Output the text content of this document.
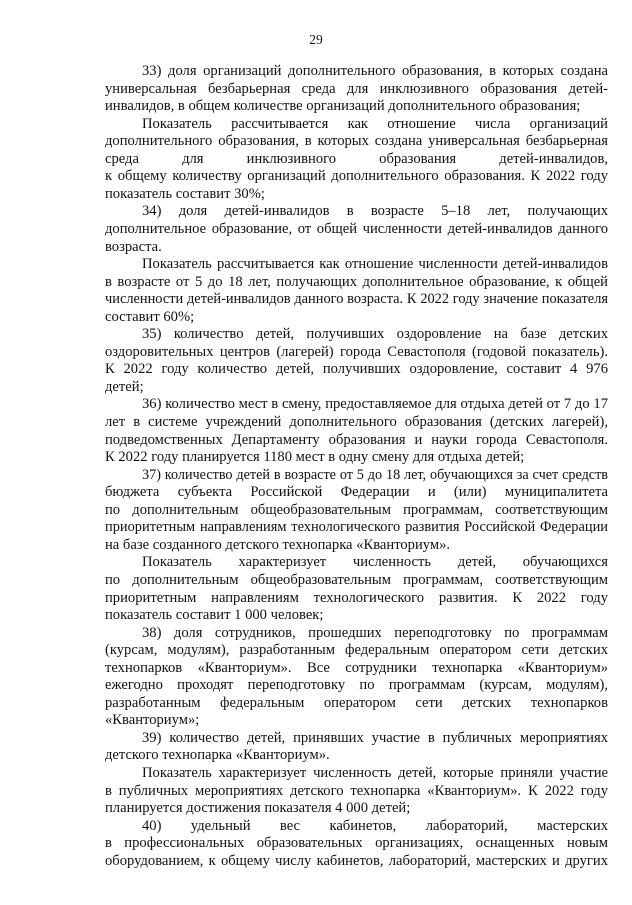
29
33) доля организаций дополнительного образования, в которых создана
универсальная безбарьерная среда для инклюзивного образования детей-
инвалидов, в общем количестве организаций дополнительного образования;
Показатель рассчитывается как отношение числа организаций
дополнительного образования, в которых создана универсальная безбарьерная
среда для инклюзивного образования детей-инвалидов,
к общему количеству организаций дополнительного образования. К 2022 году
показатель составит 30%;
34) доля детей-инвалидов в возрасте 5–18 лет, получающих
дополнительное образование, от общей численности детей-инвалидов данного
возраста.
Показатель рассчитывается как отношение численности детей-инвалидов
в возрасте от 5 до 18 лет, получающих дополнительное образование, к общей
численности детей-инвалидов данного возраста. К 2022 году значение показателя
составит 60%;
35) количество детей, получивших оздоровление на базе детских
оздоровительных центров (лагерей) города Севастополя (годовой показатель).
К 2022 году количество детей, получивших оздоровление, составит 4 976
детей;
36) количество мест в смену, предоставляемое для отдыха детей от 7 до 17
лет в системе учреждений дополнительного образования (детских лагерей),
подведомственных Департаменту образования и науки города Севастополя.
К 2022 году планируется 1180 мест в одну смену для отдыха детей;
37) количество детей в возрасте от 5 до 18 лет, обучающихся за счет средств
бюджета субъекта Российской Федерации и (или) муниципалитета
по дополнительным общеобразовательным программам, соответствующим
приоритетным направлениям технологического развития Российской Федерации
на базе созданного детского технопарка «Кванториум».
Показатель характеризует численность детей, обучающихся
по дополнительным общеобразовательным программам, соответствующим
приоритетным направлениям технологического развития. К 2022 году
показатель составит 1 000 человек;
38) доля сотрудников, прошедших переподготовку по программам
(курсам, модулям), разработанным федеральным оператором сети детских
технопарков «Кванториум». Все сотрудники технопарка «Кванториум»
ежегодно проходят переподготовку по программам (курсам, модулям),
разработанным федеральным оператором сети детских технопарков
«Кванториум»;
39) количество детей, принявших участие в публичных мероприятиях
детского технопарка «Кванториум».
Показатель характеризует численность детей, которые приняли участие
в публичных мероприятиях детского технопарка «Кванториум». К 2022 году
планируется достижения показателя 4 000 детей;
40) удельный вес кабинетов, лабораторий, мастерских
в профессиональных образовательных организациях, оснащенных новым
оборудованием, к общему числу кабинетов, лабораторий, мастерских и других
